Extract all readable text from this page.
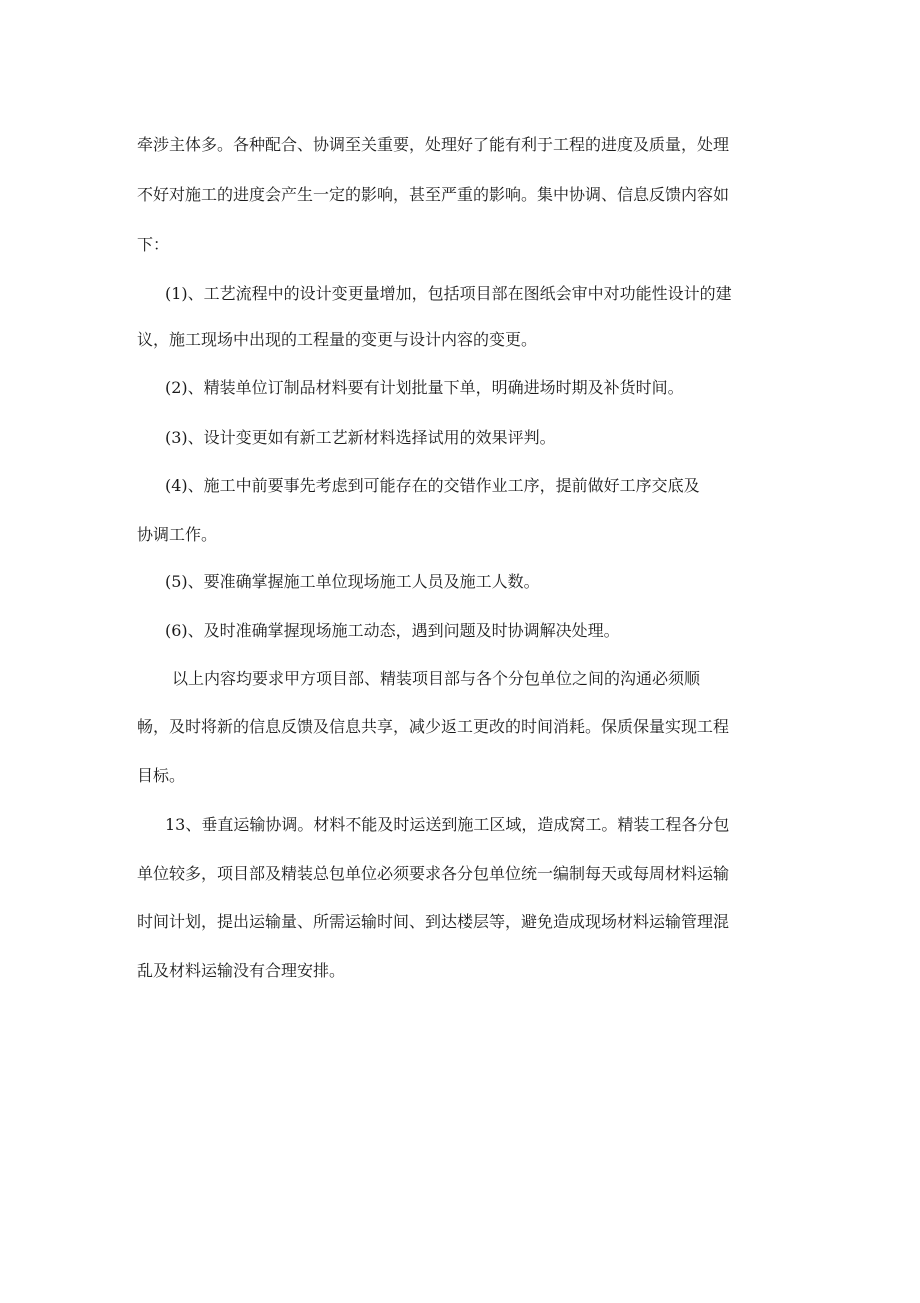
牵涉主体多。各种配合、协调至关重要，处理好了能有利于工程的进度及质量，处理

不好对施工的进度会产生一定的影响，甚至严重的影响。集中协调、信息反馈内容如

下：

(1)、工艺流程中的设计变更量增加，包括项目部在图纸会审中对功能性设计的建

议，施工现场中出现的工程量的变更与设计内容的变更。

(2)、精装单位订制品材料要有计划批量下单，明确进场时期及补货时间。

(3)、设计变更如有新工艺新材料选择试用的效果评判。

(4)、施工中前要事先考虑到可能存在的交错作业工序，提前做好工序交底及

协调工作。

(5)、要准确掌握施工单位现场施工人员及施工人数。

(6)、及时准确掌握现场施工动态，遇到问题及时协调解决处理。

以上内容均要求甲方项目部、精装项目部与各个分包单位之间的沟通必须顺

畅，及时将新的信息反馈及信息共享，减少返工更改的时间消耗。保质保量实现工程

目标。

13、垂直运输协调。材料不能及时运送到施工区域，造成窝工。精装工程各分包

单位较多，项目部及精装总包单位必须要求各分包单位统一编制每天或每周材料运输

时间计划，提出运输量、所需运输时间、到达楼层等，避免造成现场材料运输管理混

乱及材料运输没有合理安排。
